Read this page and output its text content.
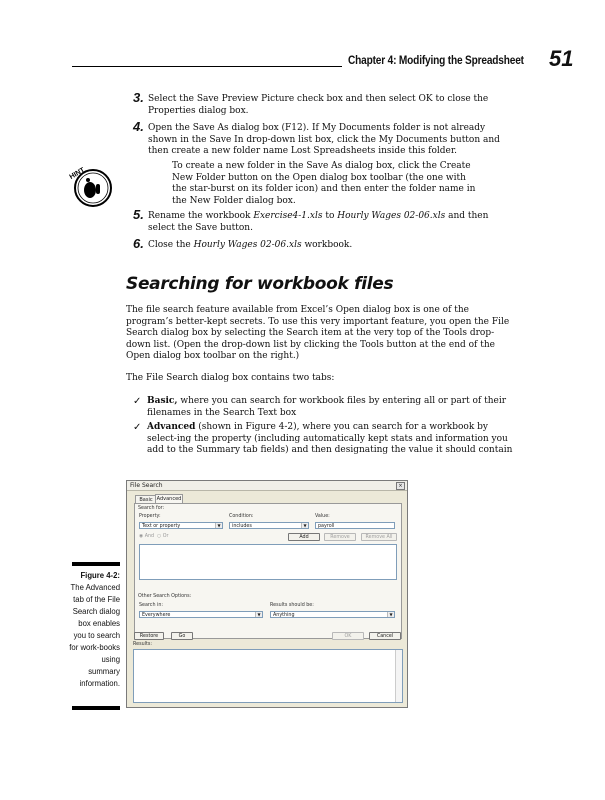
Chapter 4: Modifying the Spreadsheet 51
3. Select the Save Preview Picture check box and then select OK to close the Properties dialog box.
4. Open the Save As dialog box (F12). If My Documents folder is not already shown in the Save In drop-down list box, click the My Documents button and then create a new folder name Lost Spreadsheets inside this folder.
HINT
To create a new folder in the Save As dialog box, click the Create New Folder button on the Open dialog box toolbar (the one with the star-burst on its folder icon) and then enter the folder name in the New Folder dialog box.
5. Rename the workbook Exercise4-1.xls to Hourly Wages 02-06.xls and then select the Save button.
6. Close the Hourly Wages 02-06.xls workbook.
Searching for workbook files
The file search feature available from Excel’s Open dialog box is one of the program’s better-kept secrets. To use this very important feature, you open the File Search dialog box by selecting the Search item at the very top of the Tools drop-down list. (Open the drop-down list by clicking the Tools button at the end of the Open dialog box toolbar on the right.)
The File Search dialog box contains two tabs:
✓ Basic, where you can search for workbook files by entering all or part of their filenames in the Search Text box
✓ Advanced (shown in Figure 4-2), where you can search for a workbook by select-ing the property (including automatically kept stats and information you add to the Summary tab fields) and then designating the value it should contain
Figure 4-2:
The Advanced tab of the File Search dialog box enables you to search for work-books using summary information.
File Search	×
Basic Advanced
Search for:
Property:
Text or property	▼
Condition:
includes	▼
Value:
payroll
◉ And ○ Or	Add	Remove	Remove All
Other Search Options:
Search in:
Everywhere	▼
Results should be:
Anything	▼
Restore	Go	OK	Cancel
Results:
